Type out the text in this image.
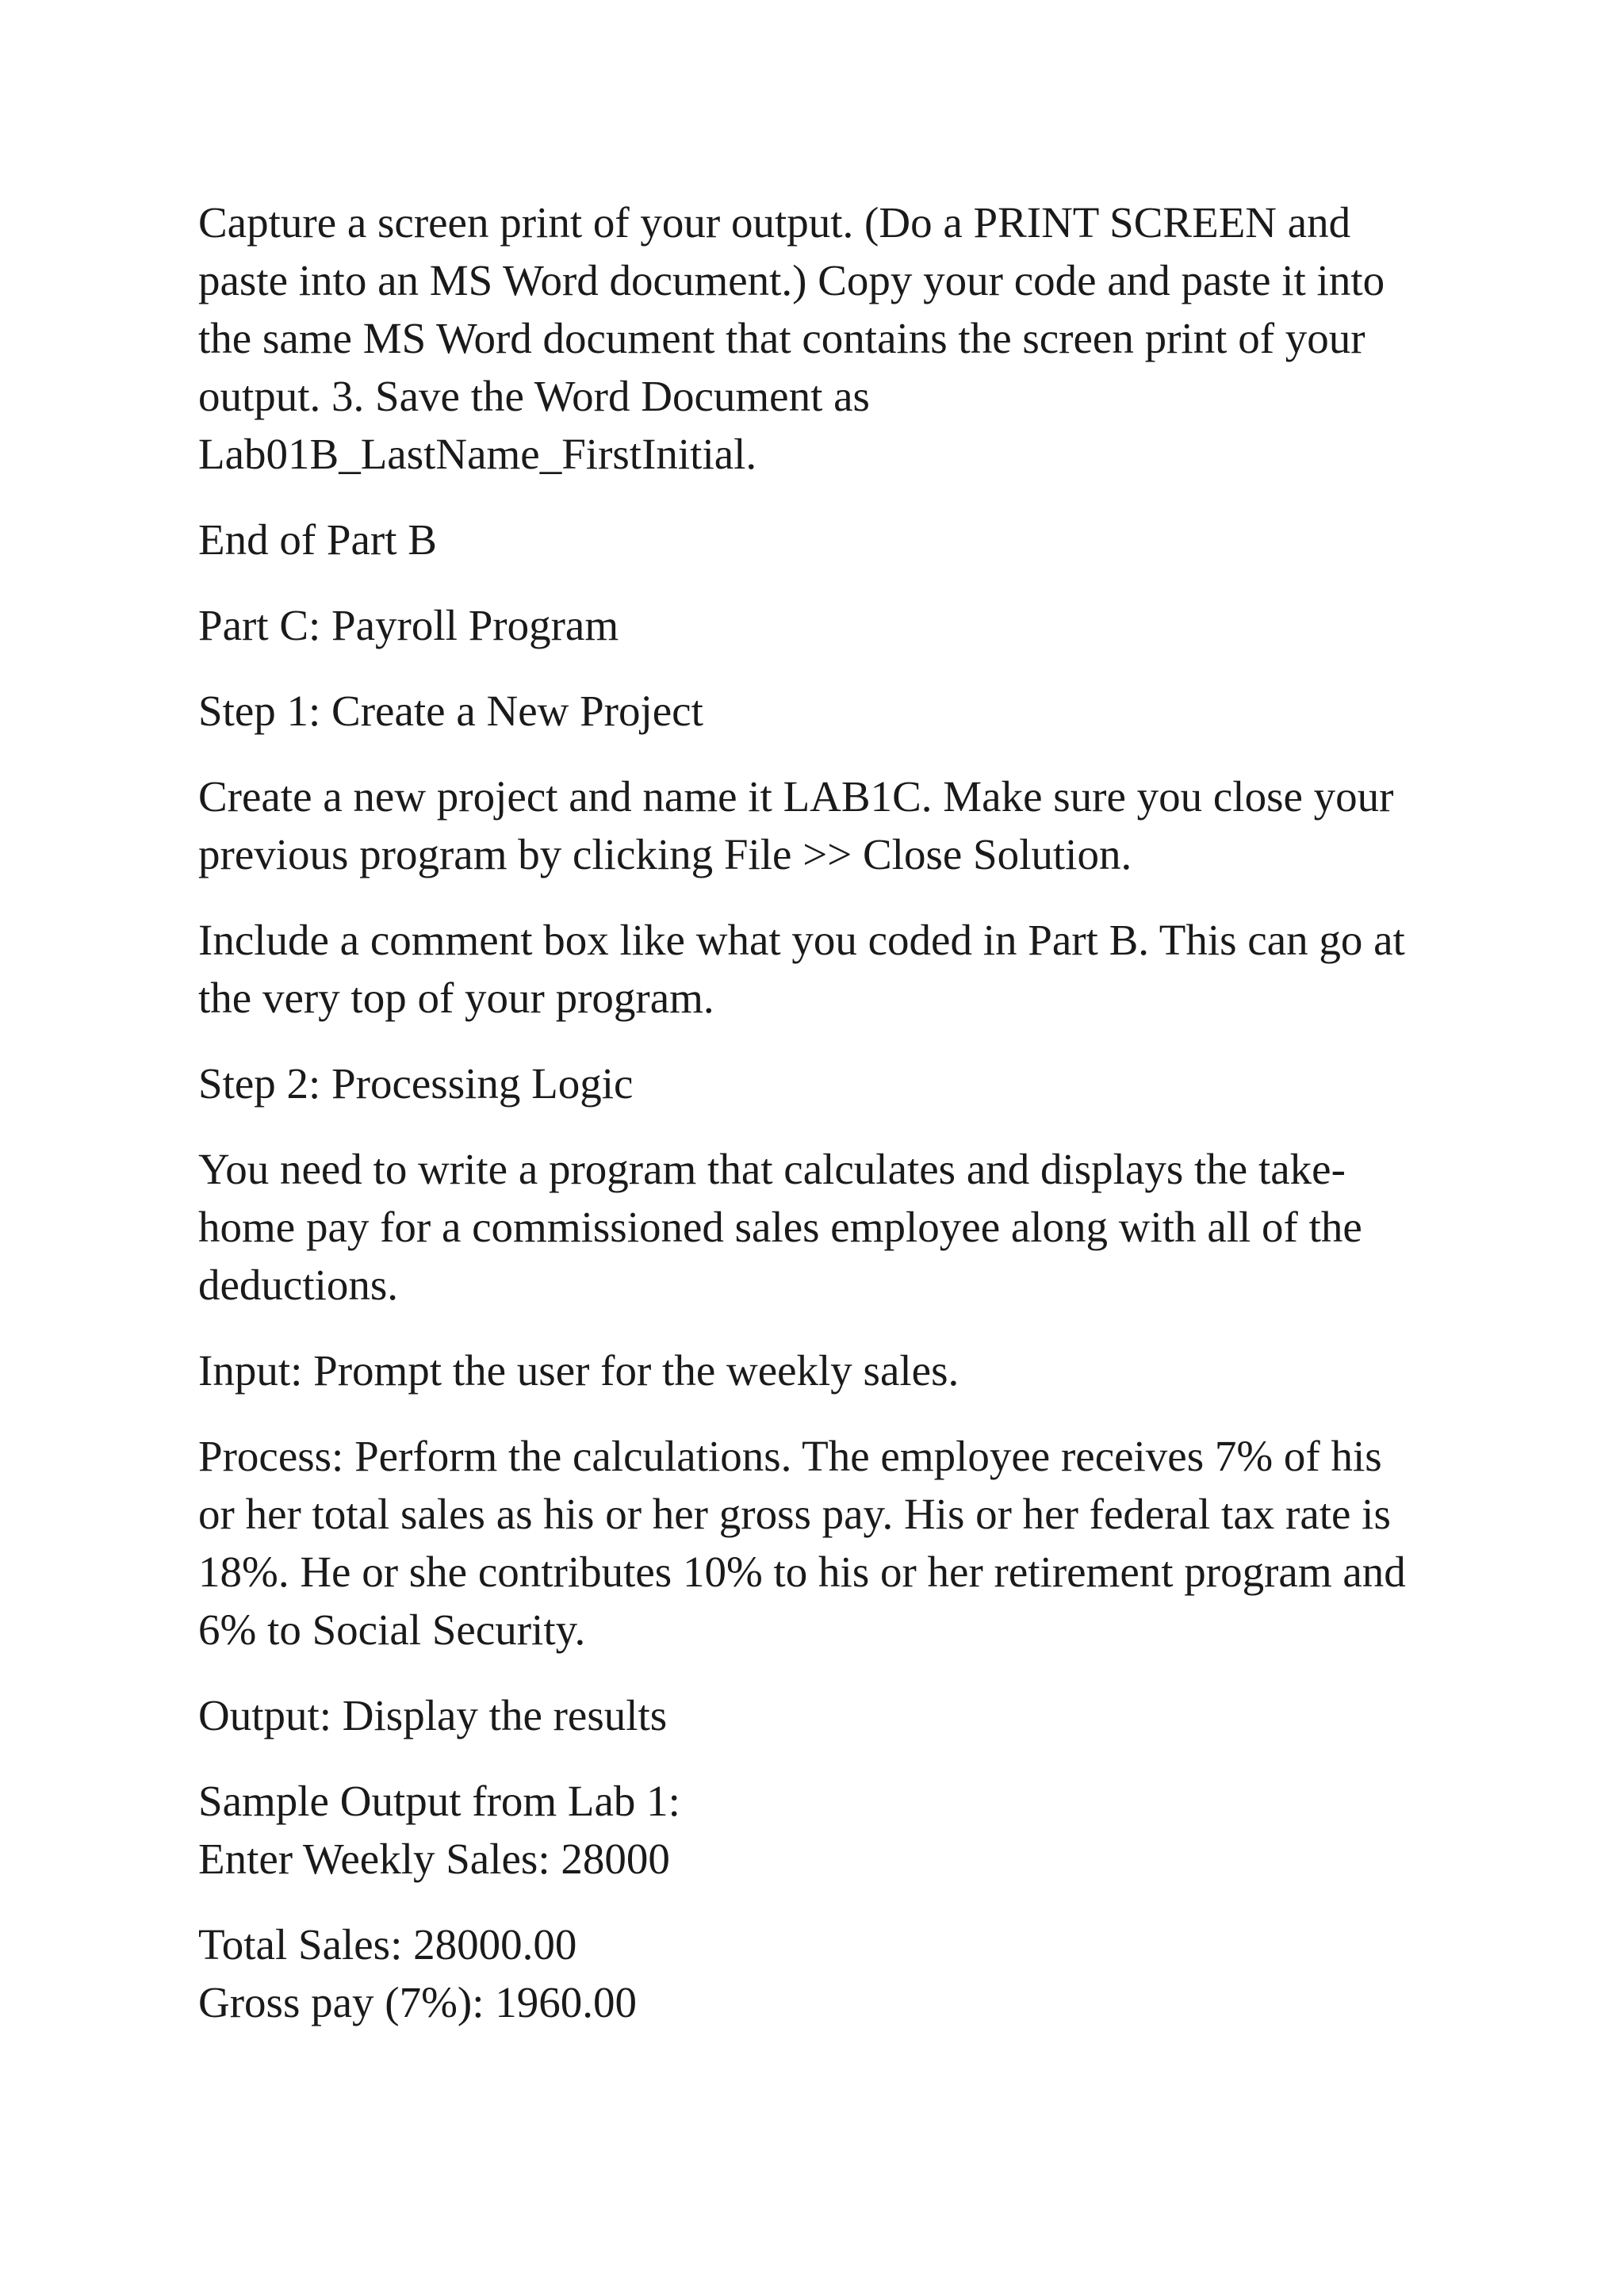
Capture a screen print of your output. (Do a PRINT SCREEN and
paste into an MS Word document.) Copy your code and paste it into
the same MS Word document that contains the screen print of your
output. 3. Save the Word Document as
Lab01B_LastName_FirstInitial.

End of Part B

Part C: Payroll Program

Step 1: Create a New Project

Create a new project and name it LAB1C. Make sure you close your
previous program by clicking File >> Close Solution.

Include a comment box like what you coded in Part B. This can go at
the very top of your program.

Step 2: Processing Logic

You need to write a program that calculates and displays the take-
home pay for a commissioned sales employee along with all of the
deductions.

Input: Prompt the user for the weekly sales.

Process: Perform the calculations. The employee receives 7% of his
or her total sales as his or her gross pay. His or her federal tax rate is
18%. He or she contributes 10% to his or her retirement program and
6% to Social Security.

Output: Display the results

Sample Output from Lab 1:
Enter Weekly Sales: 28000

Total Sales: 28000.00
Gross pay (7%): 1960.00
